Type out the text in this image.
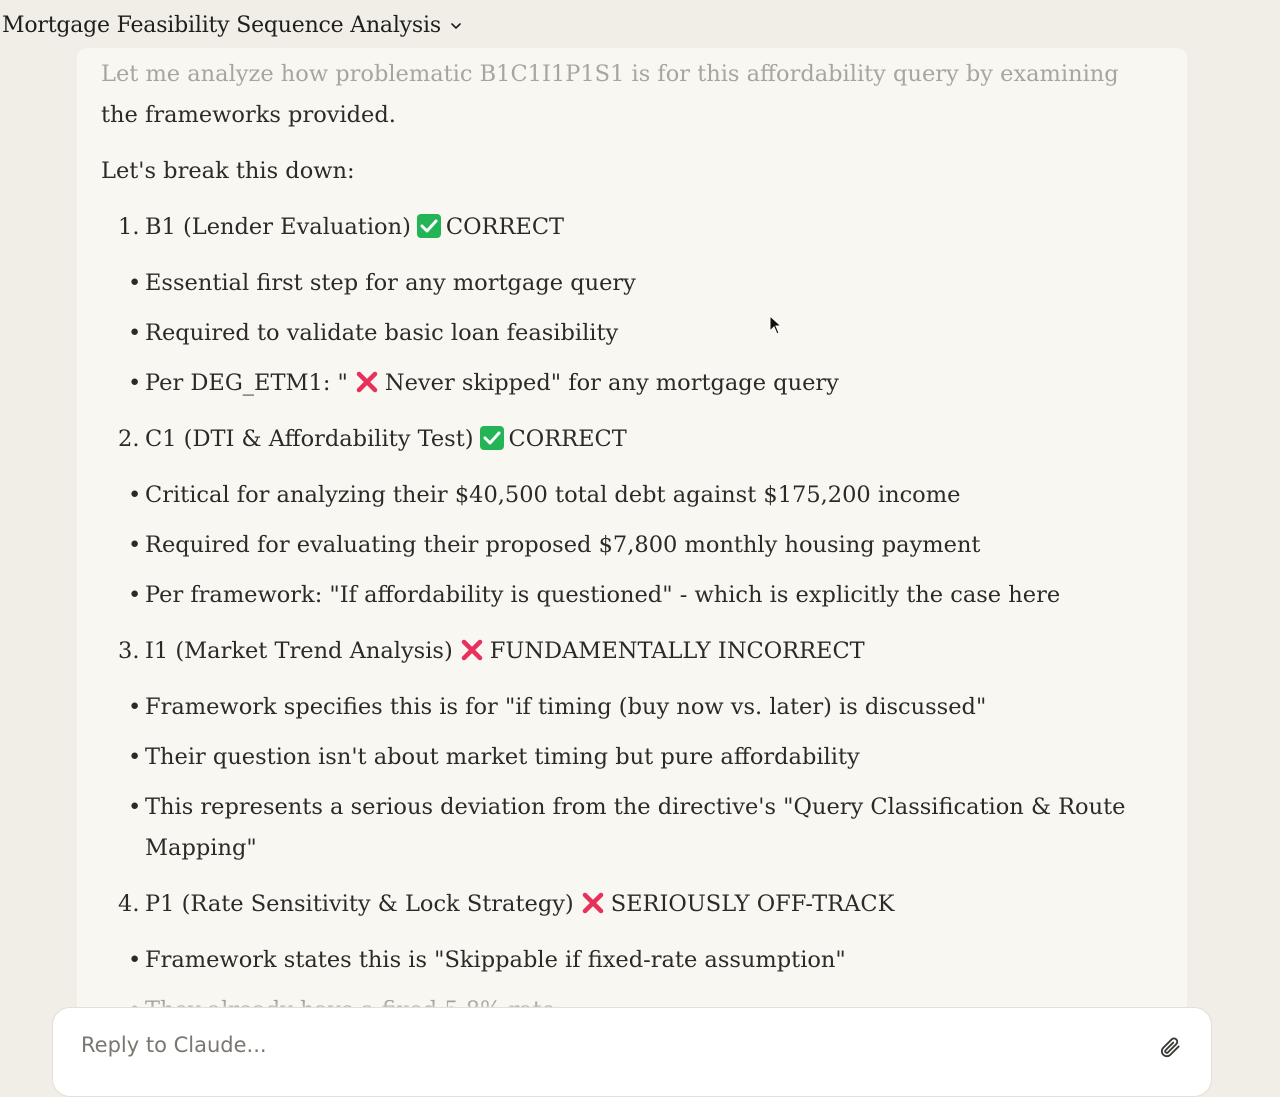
Mortgage Feasibility Sequence Analysis

Let me analyze how problematic B1C1I1P1S1 is for this affordability query by examining

the frameworks provided.

Let's break this down:

1. B1 (Lender Evaluation) CORRECT
• Essential first step for any mortgage query
• Required to validate basic loan feasibility
• Per DEG_ETM1: " Never skipped" for any mortgage query
2. C1 (DTI & Affordability Test) CORRECT
• Critical for analyzing their $40,500 total debt against $175,200 income
• Required for evaluating their proposed $7,800 monthly housing payment
• Per framework: "If affordability is questioned" - which is explicitly the case here
3. I1 (Market Trend Analysis) FUNDAMENTALLY INCORRECT
• Framework specifies this is for "if timing (buy now vs. later) is discussed"
• Their question isn't about market timing but pure affordability
• This represents a serious deviation from the directive's "Query Classification & Route Mapping"
4. P1 (Rate Sensitivity & Lock Strategy) SERIOUSLY OFF-TRACK
• Framework states this is "Skippable if fixed-rate assumption"
Reply to Claude...
